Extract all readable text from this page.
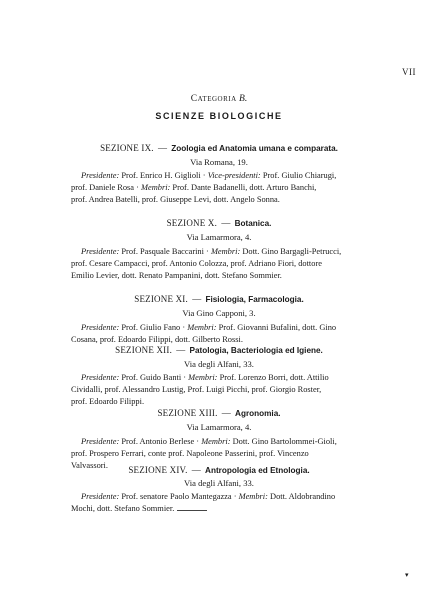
VII
Categoria B.
SCIENZE BIOLOGICHE
SEZIONE IX. — Zoologia ed Anatomia umana e comparata.
Via Romana, 19.
Presidente: Prof. Enrico H. Giglioli · Vice-presidenti: Prof. Giulio Chiarugi,
prof. Daniele Rosa · Membri: Prof. Dante Badanelli, dott. Arturo Banchi,
prof. Andrea Batelli, prof. Giuseppe Levi, dott. Angelo Sonna.
SEZIONE X. — Botanica.
Via Lamarmora, 4.
Presidente: Prof. Pasquale Baccarini · Membri: Dott. Gino Bargagli-Petrucci,
prof. Cesare Campacci, prof. Antonio Colozza, prof. Adriano Fiori, dottore
Emilio Levier, dott. Renato Pampanini, dott. Stefano Sommier.
SEZIONE XI. — Fisiologia, Farmacologia.
Via Gino Capponi, 3.
Presidente: Prof. Giulio Fano · Membri: Prof. Giovanni Bufalini, dott. Gino
Cosana, prof. Edoardo Filippi, dott. Gilberto Rossi.
SEZIONE XII. — Patologia, Bacteriologia ed Igiene.
Via degli Alfani, 33.
Presidente: Prof. Guido Banti · Membri: Prof. Lorenzo Borri, dott. Attilio
Cividalli, prof. Alessandro Lustig, Prof. Luigi Picchi, prof. Giorgio Roster,
prof. Edoardo Filippi.
SEZIONE XIII. — Agronomia.
Via Lamarmora, 4.
Presidente: Prof. Antonio Berlese · Membri: Dott. Gino Bartolommei-Gioli,
prof. Prospero Ferrari, conte prof. Napoleone Passerini, prof. Vincenzo
Valvassori.	SEZIONE XIV. — Antropologia ed Etnologia.
Via degli Alfani, 33.
Presidente: Prof. senatore Paolo Mantegazza · Membri: Dott. Aldobrandino
Mochi, dott. Stefano Sommier.
▾
